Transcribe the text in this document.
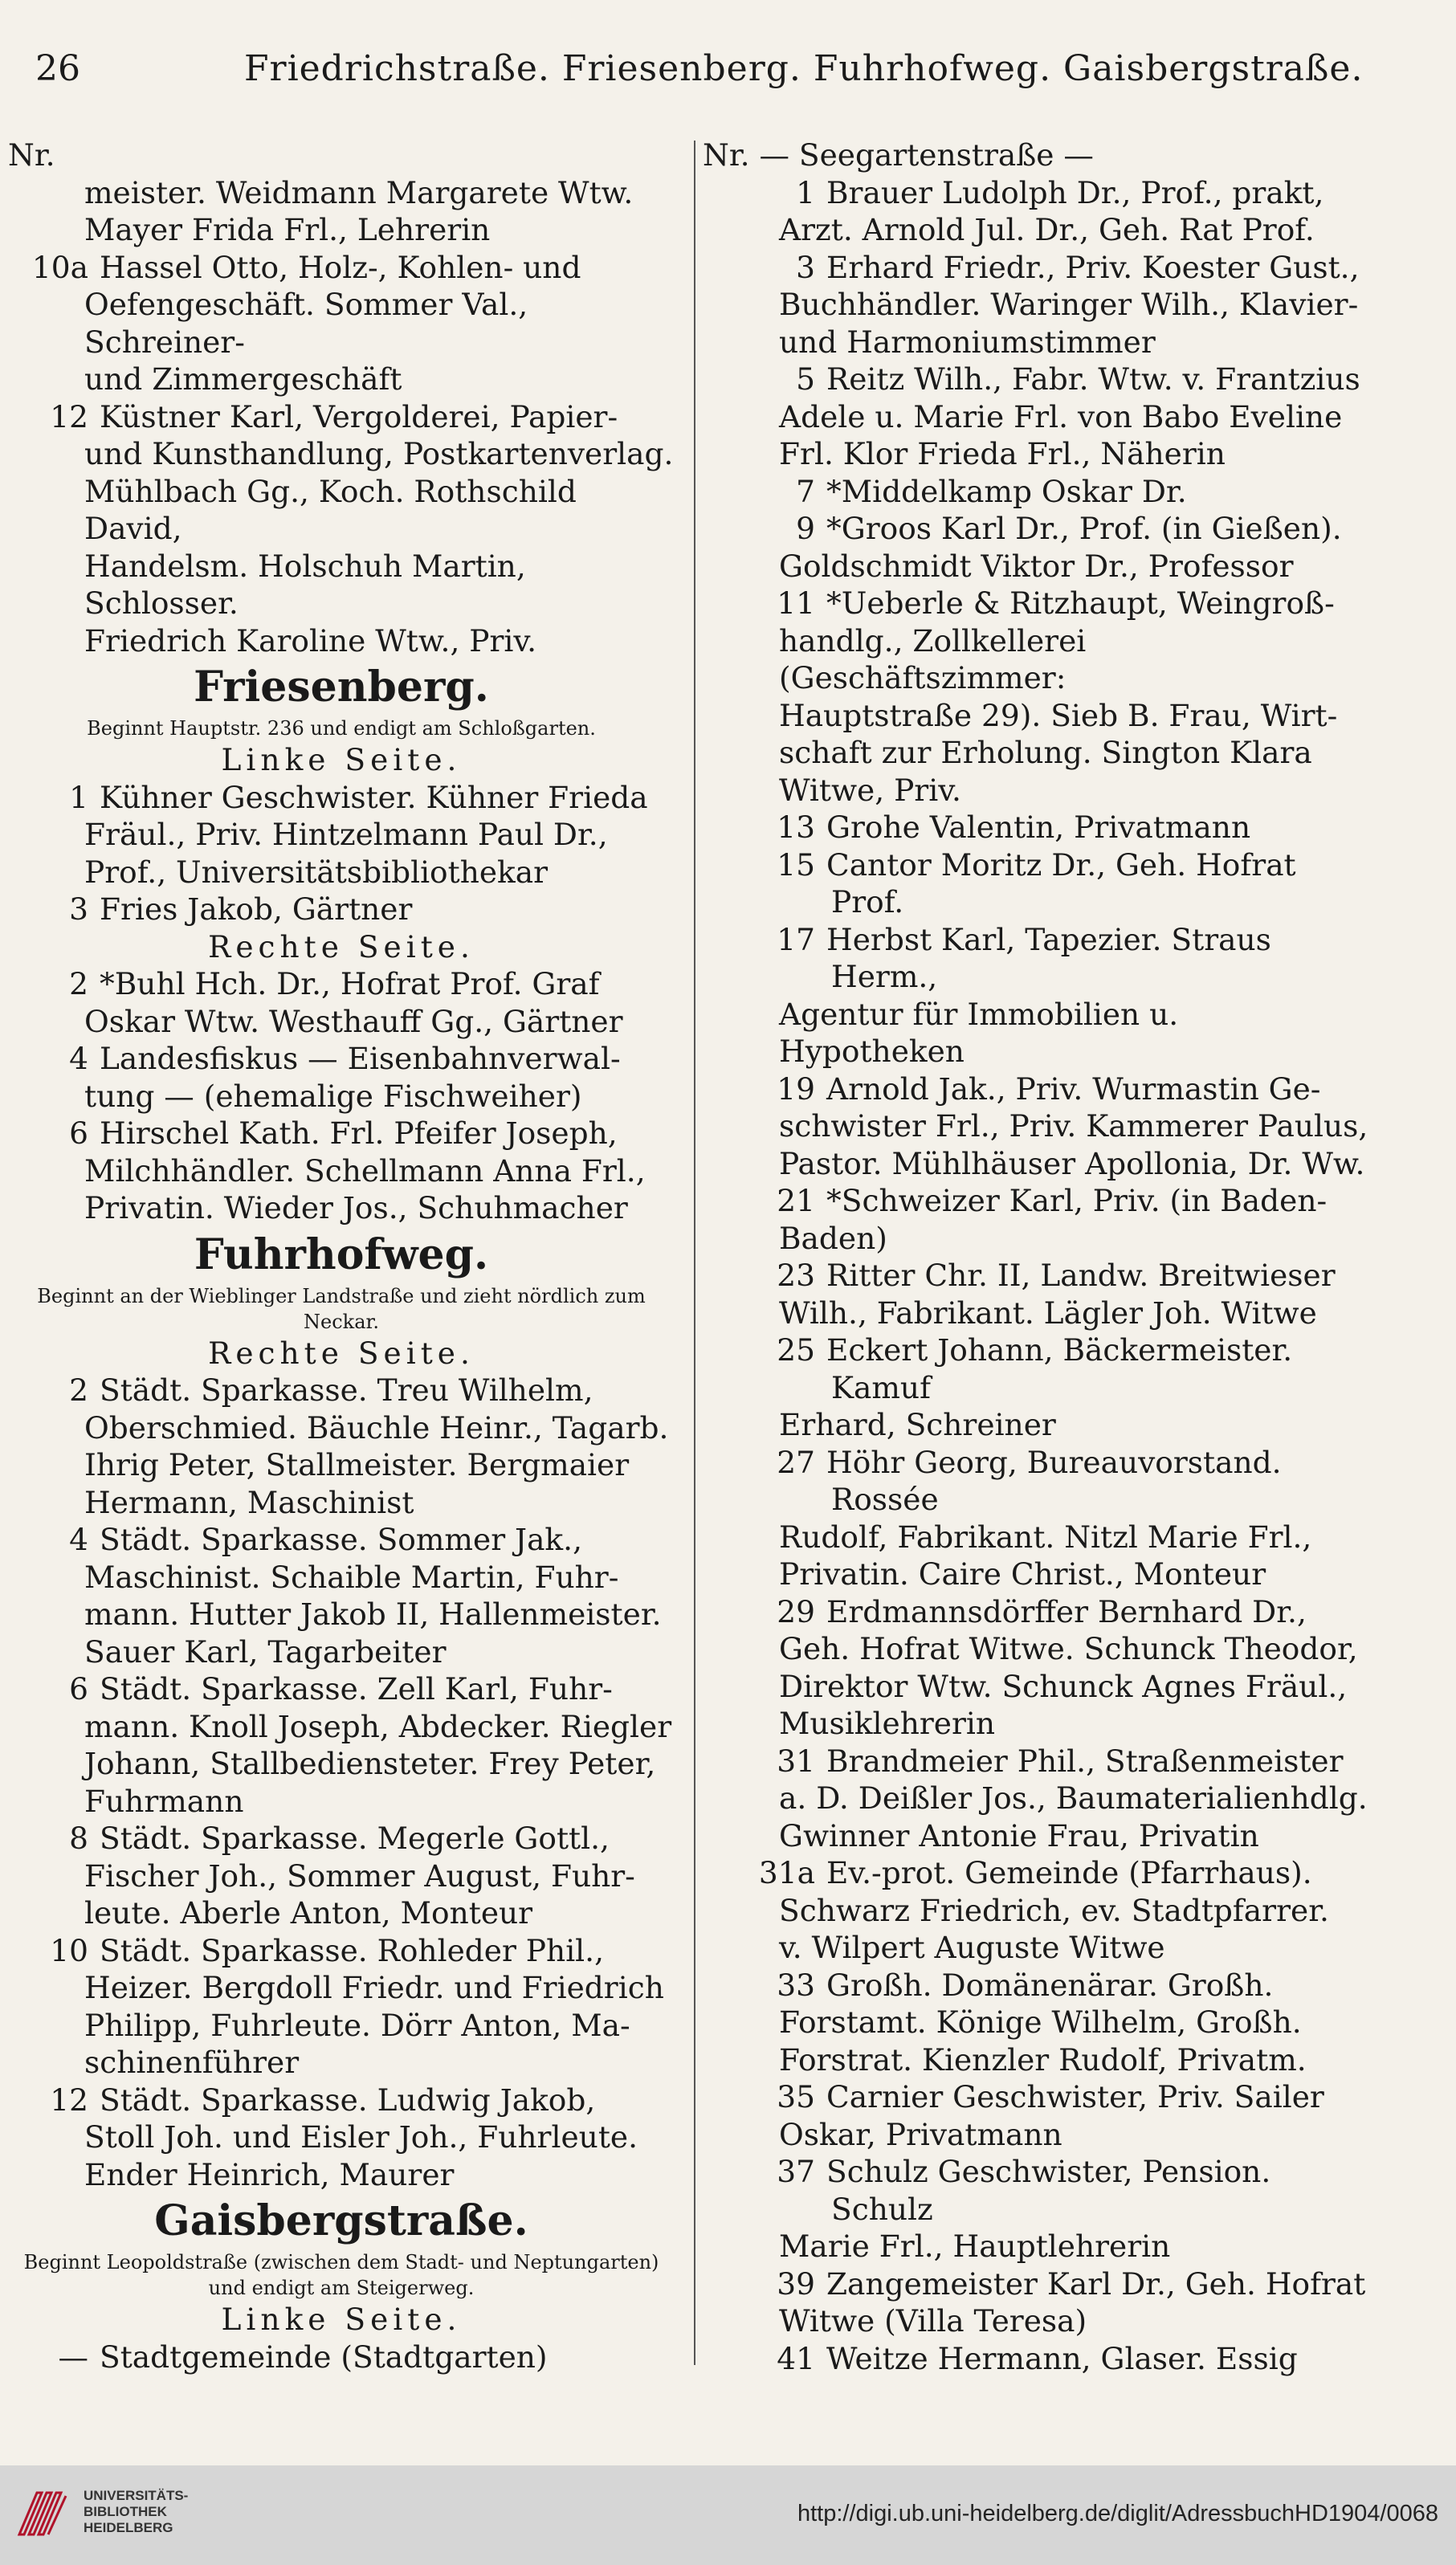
26	Friedrichstraße. Friesenberg. Fuhrhofweg. Gaisbergstraße.

Nr.

meister. Weidmann Margarete Wtw.

Mayer Frida Frl., Lehrerin

10a Hassel Otto, Holz-, Kohlen- und

Oefengeschäft. Sommer Val., Schreiner-

und Zimmergeschäft

12 Küstner Karl, Vergolderei, Papier-

und Kunsthandlung, Postkartenverlag.

Mühlbach Gg., Koch. Rothschild David,

Handelsm. Holschuh Martin, Schlosser.

Friedrich Karoline Wtw., Priv.

Friesenberg.

Beginnt Hauptstr. 236 und endigt am Schloßgarten.

Linke Seite.

1 Kühner Geschwister. Kühner Frieda

Fräul., Priv. Hintzelmann Paul Dr.,

Prof., Universitätsbibliothekar

3 Fries Jakob, Gärtner

Rechte Seite.

2 *Buhl Hch. Dr., Hofrat Prof. Graf

Oskar Wtw. Westhauff Gg., Gärtner

4 Landesfiskus — Eisenbahnverwal-

tung — (ehemalige Fischweiher)

6 Hirschel Kath. Frl. Pfeifer Joseph,

Milchhändler. Schellmann Anna Frl.,

Privatin. Wieder Jos., Schuhmacher

Fuhrhofweg.

Beginnt an der Wieblinger Landstraße und zieht nördlich zum Neckar.

Rechte Seite.

2 Städt. Sparkasse. Treu Wilhelm,

Oberschmied. Bäuchle Heinr., Tagarb.

Ihrig Peter, Stallmeister. Bergmaier

Hermann, Maschinist

4 Städt. Sparkasse. Sommer Jak.,

Maschinist. Schaible Martin, Fuhr-

mann. Hutter Jakob II, Hallenmeister.

Sauer Karl, Tagarbeiter

6 Städt. Sparkasse. Zell Karl, Fuhr-

mann. Knoll Joseph, Abdecker. Riegler

Johann, Stallbediensteter. Frey Peter,

Fuhrmann

8 Städt. Sparkasse. Megerle Gottl.,

Fischer Joh., Sommer August, Fuhr-

leute. Aberle Anton, Monteur

10 Städt. Sparkasse. Rohleder Phil.,

Heizer. Bergdoll Friedr. und Friedrich

Philipp, Fuhrleute. Dörr Anton, Ma-

schinenführer

12 Städt. Sparkasse. Ludwig Jakob,

Stoll Joh. und Eisler Joh., Fuhrleute.

Ender Heinrich, Maurer

Gaisbergstraße.

Beginnt Leopoldstraße (zwischen dem Stadt- und Neptungarten) und endigt am Steigerweg.

Linke Seite.

— Stadtgemeinde (Stadtgarten)

Nr. — Seegartenstraße —

1 Brauer Ludolph Dr., Prof., prakt,

Arzt. Arnold Jul. Dr., Geh. Rat Prof.

3 Erhard Friedr., Priv. Koester Gust.,

Buchhändler. Waringer Wilh., Klavier-

und Harmoniumstimmer

5 Reitz Wilh., Fabr. Wtw. v. Frantzius

Adele u. Marie Frl. von Babo Eveline

Frl. Klor Frieda Frl., Näherin

7 *Middelkamp Oskar Dr.

9 *Groos Karl Dr., Prof. (in Gießen).

Goldschmidt Viktor Dr., Professor

11 *Ueberle & Ritzhaupt, Weingroß-

handlg., Zollkellerei (Geschäftszimmer:

Hauptstraße 29). Sieb B. Frau, Wirt-

schaft zur Erholung. Sington Klara

Witwe, Priv.

13 Grohe Valentin, Privatmann

15 Cantor Moritz Dr., Geh. Hofrat Prof.

17 Herbst Karl, Tapezier. Straus Herm.,

Agentur für Immobilien u. Hypotheken

19 Arnold Jak., Priv. Wurmastin Ge-

schwister Frl., Priv. Kammerer Paulus,

Pastor. Mühlhäuser Apollonia, Dr. Ww.

21 *Schweizer Karl, Priv. (in Baden-

Baden)

23 Ritter Chr. II, Landw. Breitwieser

Wilh., Fabrikant. Lägler Joh. Witwe

25 Eckert Johann, Bäckermeister. Kamuf

Erhard, Schreiner

27 Höhr Georg, Bureauvorstand. Rossée

Rudolf, Fabrikant. Nitzl Marie Frl.,

Privatin. Caire Christ., Monteur

29 Erdmannsdörffer Bernhard Dr.,

Geh. Hofrat Witwe. Schunck Theodor,

Direktor Wtw. Schunck Agnes Fräul.,

Musiklehrerin

31 Brandmeier Phil., Straßenmeister

a. D. Deißler Jos., Baumaterialienhdlg.

Gwinner Antonie Frau, Privatin

31a Ev.-prot. Gemeinde (Pfarrhaus).

Schwarz Friedrich, ev. Stadtpfarrer.

v. Wilpert Auguste Witwe

33 Großh. Domänenärar. Großh.

Forstamt. Könige Wilhelm, Großh.

Forstrat. Kienzler Rudolf, Privatm.

35 Carnier Geschwister, Priv. Sailer

Oskar, Privatmann

37 Schulz Geschwister, Pension. Schulz

Marie Frl., Hauptlehrerin

39 Zangemeister Karl Dr., Geh. Hofrat

Witwe (Villa Teresa)

41 Weitze Hermann, Glaser. Essig

UNIVERSITÄTS-
BIBLIOTHEK
HEIDELBERG
http://digi.ub.uni-heidelberg.de/diglit/AdressbuchHD1904/0068
